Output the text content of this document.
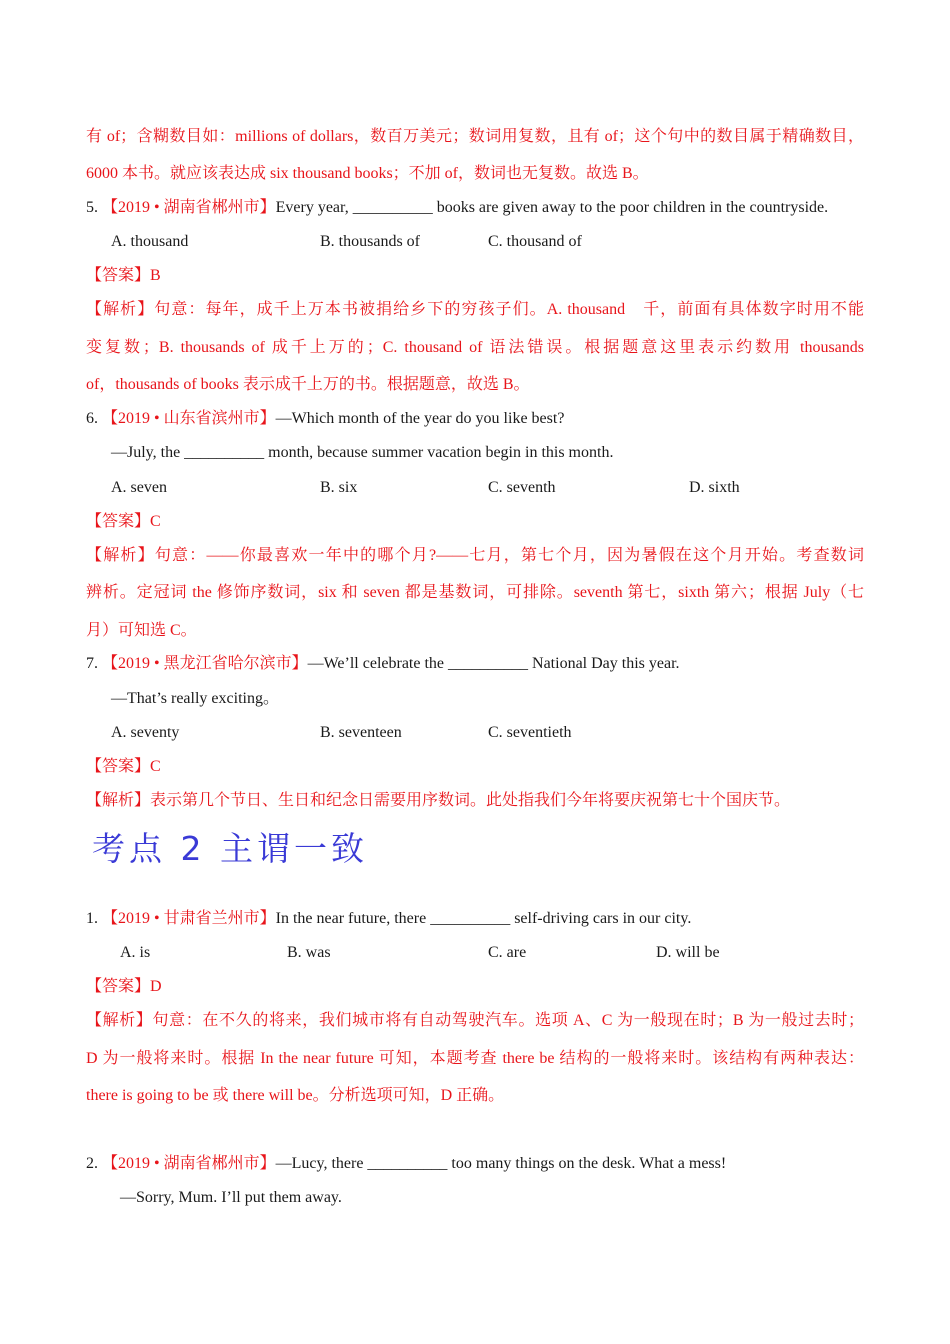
有 of；含糊数目如：millions of dollars，数百万美元；数词用复数，且有 of；这个句中的数目属于精确数目，
6000 本书。就应该表达成 six thousand books；不加 of，数词也无复数。故选 B。
5. 【2019 • 湖南省郴州市】Every year, __________ books are given away to the poor children in the countryside.
A. thousand	B. thousands of	C. thousand of
【答案】B
【解析】句意：每年，成千上万本书被捐给乡下的穷孩子们。A. thousand　千，前面有具体数字时用不能
变复数；B. thousands of 成千上万的；C. thousand of 语法错误。根据题意这里表示约数用 thousands
of，thousands of books 表示成千上万的书。根据题意，故选 B。
6. 【2019 • 山东省滨州市】—Which month of the year do you like best?
—July, the __________ month, because summer vacation begin in this month.
A. seven	B. six	C. seventh	D. sixth
【答案】C
【解析】句意：——你最喜欢一年中的哪个月?——七月，第七个月，因为暑假在这个月开始。考查数词
辨析。定冠词 the 修饰序数词，six 和 seven 都是基数词，可排除。seventh 第七，sixth 第六；根据 July（七
月）可知选 C。
7. 【2019 • 黑龙江省哈尔滨市】—We’ll celebrate the __________ National Day this year.
—That’s really exciting。
A. seventy	B. seventeen	C. seventieth
【答案】C
【解析】表示第几个节日、生日和纪念日需要用序数词。此处指我们今年将要庆祝第七十个国庆节。
考点 2 主谓一致
1. 【2019 • 甘肃省兰州市】In the near future, there __________ self-driving cars in our city.
A. is	B. was	C. are	D. will be
【答案】D
【解析】句意：在不久的将来，我们城市将有自动驾驶汽车。选项 A、C 为一般现在时；B 为一般过去时；
D 为一般将来时。根据 In the near future 可知，本题考查 there be 结构的一般将来时。该结构有两种表达：
there is going to be 或 there will be。分析选项可知，D 正确。
2. 【2019 • 湖南省郴州市】—Lucy, there __________ too many things on the desk. What a mess!
—Sorry, Mum. I’ll put them away.
